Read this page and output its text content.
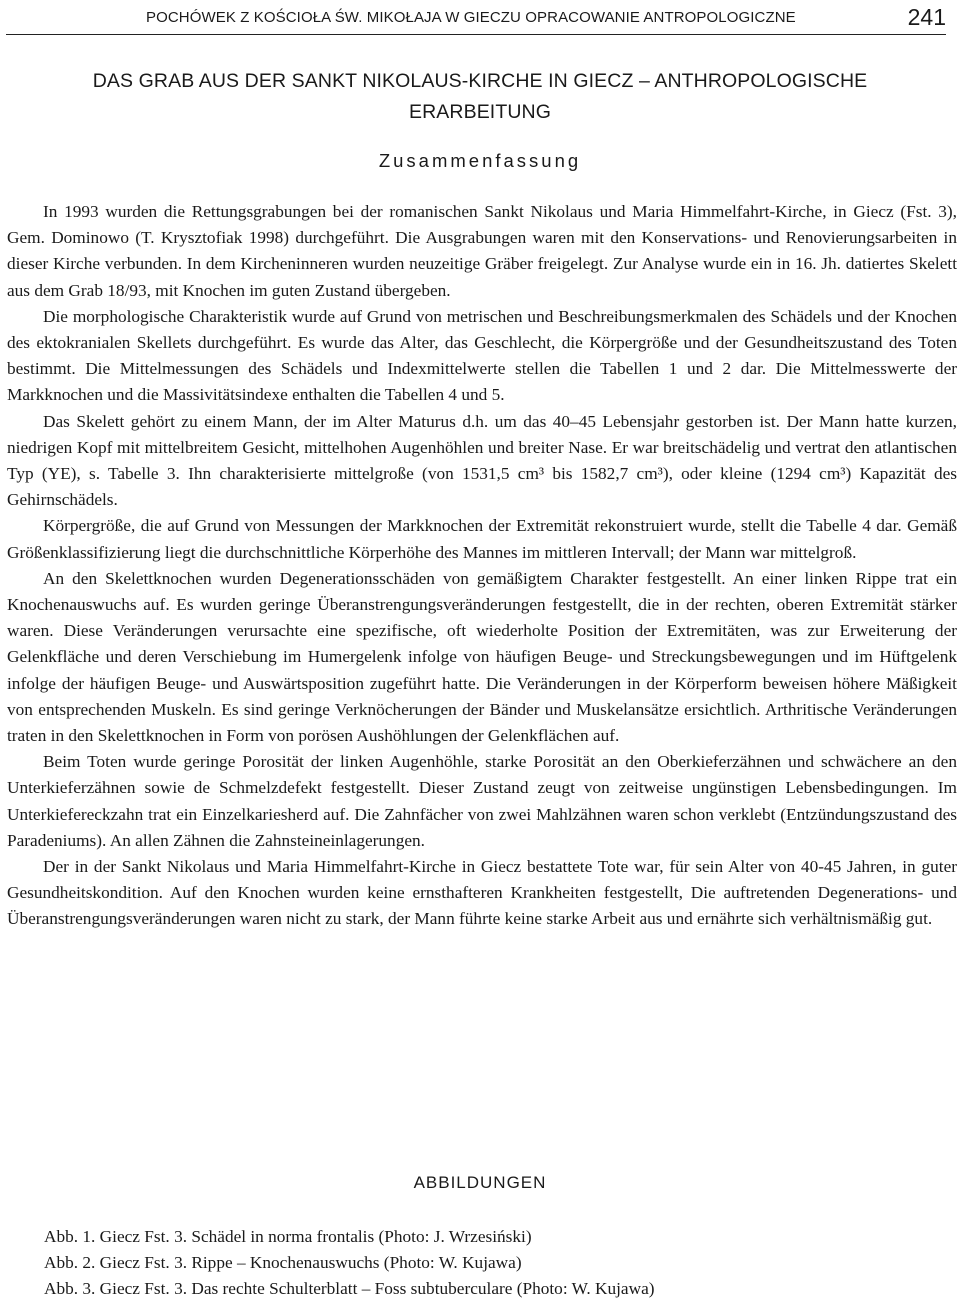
POCHÓWEK Z KOŚCIOŁA ŚW. MIKOŁAJA W GIECZU OPRACOWANIE ANTROPOLOGICZNE	241
DAS GRAB AUS DER SANKT NIKOLAUS-KIRCHE IN GIECZ – ANTHROPOLOGISCHE ERARBEITUNG
Zusammenfassung

In 1993 wurden die Rettungsgrabungen bei der romanischen Sankt Nikolaus und Maria Himmelfahrt-Kirche, in Giecz (Fst. 3), Gem. Dominowo (T. Krysztofiak 1998) durchgeführt. Die Ausgrabungen waren mit den Konservations- und Renovierungsarbeiten in dieser Kirche verbunden. In dem Kircheninneren wurden neuzeitige Gräber freigelegt. Zur Analyse wurde ein in 16. Jh. datiertes Skelett aus dem Grab 18/93, mit Knochen im guten Zustand übergeben.

Die morphologische Charakteristik wurde auf Grund von metrischen und Beschreibungsmerkmalen des Schädels und der Knochen des ektokranialen Skellets durchgeführt. Es wurde das Alter, das Geschlecht, die Körpergröße und der Gesundheitszustand des Toten bestimmt. Die Mittelmessungen des Schädels und Indexmittelwerte stellen die Tabellen 1 und 2 dar. Die Mittelmesswerte der Markknochen und die Massivitätsindexe enthalten die Tabellen 4 und 5.

Das Skelett gehört zu einem Mann, der im Alter Maturus d.h. um das 40–45 Lebensjahr gestorben ist. Der Mann hatte kurzen, niedrigen Kopf mit mittelbreitem Gesicht, mittelhohen Augenhöhlen und breiter Nase. Er war breitschädelig und vertrat den atlantischen Typ (YE), s. Tabelle 3. Ihn charakterisierte mittelgroße (von 1531,5 cm³ bis 1582,7 cm³), oder kleine (1294 cm³) Kapazität des Gehirnschädels.

Körpergröße, die auf Grund von Messungen der Markknochen der Extremität rekonstruiert wurde, stellt die Tabelle 4 dar. Gemäß Größenklassifizierung liegt die durchschnittliche Körperhöhe des Mannes im mittleren Intervall; der Mann war mittelgroß.

An den Skelettknochen wurden Degenerationsschäden von gemäßigtem Charakter festgestellt. An einer linken Rippe trat ein Knochenauswuchs auf. Es wurden geringe Überanstrengungsveränderungen festgestellt, die in der rechten, oberen Extremität stärker waren. Diese Veränderungen verursachte eine spezifische, oft wiederholte Position der Extremitäten, was zur Erweiterung der Gelenkfläche und deren Verschiebung im Humergelenk infolge von häufigen Beuge- und Streckungsbewegungen und im Hüftgelenk infolge der häufigen Beuge- und Auswärtsposition zugeführt hatte. Die Veränderungen in der Körperform beweisen höhere Mäßigkeit von entsprechenden Muskeln. Es sind geringe Verknöcherungen der Bänder und Muskelansätze ersichtlich. Arthritische Veränderungen traten in den Skelettknochen in Form von porösen Aushöhlungen der Gelenkflächen auf.

Beim Toten wurde geringe Porosität der linken Augenhöhle, starke Porosität an den Oberkieferzähnen und schwächere an den Unterkieferzähnen sowie de Schmelzdefekt festgestellt. Dieser Zustand zeugt von zeitweise ungünstigen Lebensbedingungen. Im Unterkiefereckzahn trat ein Einzelkariesherd auf. Die Zahnfächer von zwei Mahlzähnen waren schon verklebt (Entzündungszustand des Paradeniums). An allen Zähnen die Zahnsteineinlagerungen.

Der in der Sankt Nikolaus und Maria Himmelfahrt-Kirche in Giecz bestattete Tote war, für sein Alter von 40-45 Jahren, in guter Gesundheitskondition. Auf den Knochen wurden keine ernsthafteren Krankheiten festgestellt, Die auftretenden Degenerations- und Überanstrengungsveränderungen waren nicht zu stark, der Mann führte keine starke Arbeit aus und ernährte sich verhältnismäßig gut.

ABBILDUNGEN
Abb. 1. Giecz Fst. 3. Schädel in norma frontalis (Photo: J. Wrzesiński)
Abb. 2. Giecz Fst. 3. Rippe – Knochenauswuchs (Photo: W. Kujawa)
Abb. 3. Giecz Fst. 3. Das rechte Schulterblatt – Foss subtuberculare (Photo: W. Kujawa)
